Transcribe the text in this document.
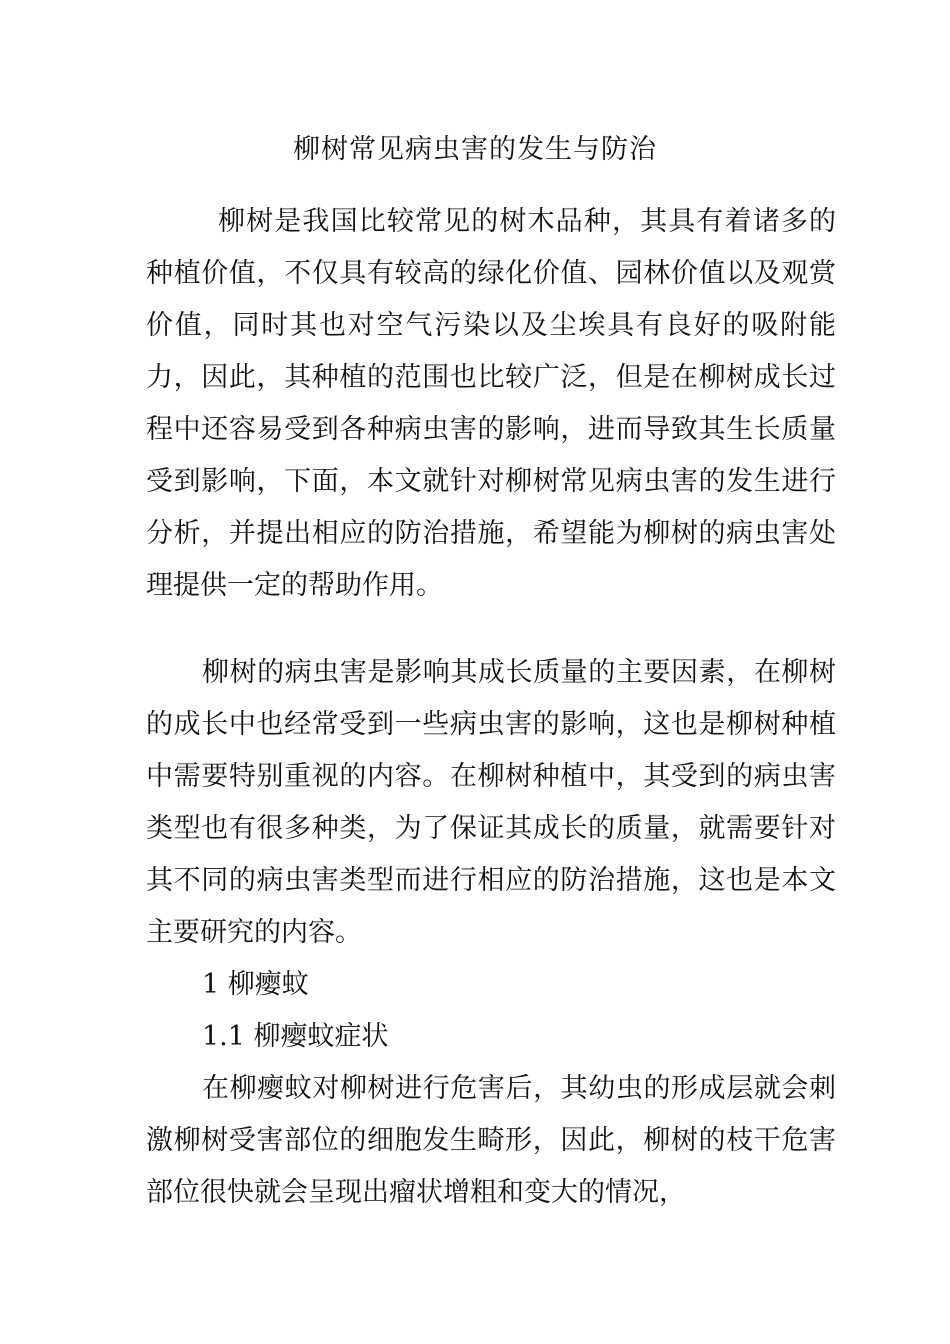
柳树常见病虫害的发生与防治

柳树是我国比较常见的树木品种，其具有着诸多的种植价值，不仅具有较高的绿化价值、园林价值以及观赏价值，同时其也对空气污染以及尘埃具有良好的吸附能力，因此，其种植的范围也比较广泛，但是在柳树成长过程中还容易受到各种病虫害的影响，进而导致其生长质量受到影响，下面，本文就针对柳树常见病虫害的发生进行分析，并提出相应的防治措施，希望能为柳树的病虫害处理提供一定的帮助作用。

柳树的病虫害是影响其成长质量的主要因素，在柳树的成长中也经常受到一些病虫害的影响，这也是柳树种植中需要特别重视的内容。在柳树种植中，其受到的病虫害类型也有很多种类，为了保证其成长的质量，就需要针对其不同的病虫害类型而进行相应的防治措施，这也是本文主要研究的内容。

1 柳瘿蚊

1.1 柳瘿蚊症状

在柳瘿蚊对柳树进行危害后，其幼虫的形成层就会刺激柳树受害部位的细胞发生畸形，因此，柳树的枝干危害部位很快就会呈现出瘤状增粗和变大的情况，
